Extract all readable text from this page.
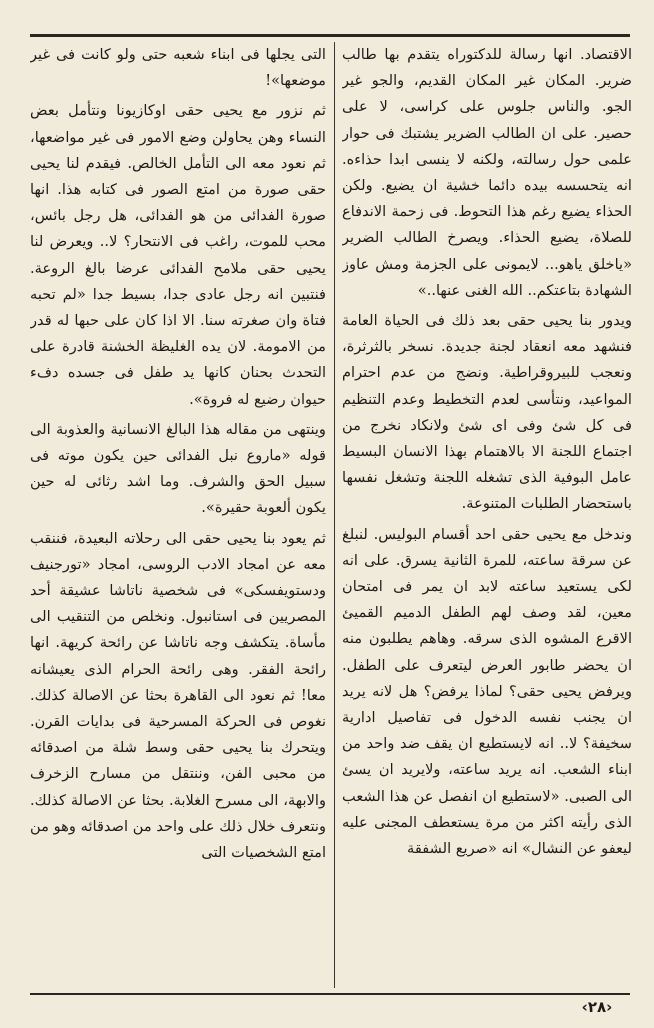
الاقتصاد. انها رسالة للدكتوراه يتقدم بها طالب ضرير. المكان غير المكان القديم، والجو غير الجو. والناس جلوس على كراسى، لا على حصير. على ان الطالب الضرير يشتبك فى حوار علمى حول رسالته، ولكنه لا ينسى ابدا حذاءه. انه يتحسسه بيده دائما خشية ان يضيع. ولكن الحذاء يضيع رغم هذا التحوط. فى زحمة الاندفاع للصلاة، يضيع الحذاء. ويصرخ الطالب الضرير «ياخلق ياهو... لايمونى على الجزمة ومش عاوز الشهادة بتاعتكم.. الله الغنى عنها..»

ويدور بنا يحيى حقى بعد ذلك فى الحياة العامة فنشهد معه انعقاد لجنة جديدة. نسخر بالثرثرة، ونعجب للبيروقراطية. ونضج من عدم احترام المواعيد، ونتأسى لعدم التخطيط وعدم التنظيم فى كل شئ وفى اى شئ ولانكاد نخرج من اجتماع اللجنة الا بالاهتمام بهذا الانسان البسيط عامل البوفية الذى تشغله اللجنة وتشغل نفسها باستحضار الطلبات المتنوعة.

وندخل مع يحيى حقى احد أقسام البوليس. لنبلغ عن سرقة ساعته، للمرة الثانية يسرق. على انه لكى يستعيد ساعته لابد ان يمر فى امتحان معين، لقد وصف لهم الطفل الدميم القميئ الاقرع المشوه الذى سرقه. وهاهم يطلبون منه ان يحضر طابور العرض ليتعرف على الطفل. ويرفض يحيى حقى؟ لماذا يرفض؟ هل لانه يريد ان يجنب نفسه الدخول فى تفاصيل ادارية سخيفة؟ لا.. انه لايستطيع ان يقف ضد واحد من ابناء الشعب. انه يريد ساعته، ولايريد ان يسئ الى الصبى. «لاستطيع ان انفصل عن هذا الشعب الذى رأيته اكثر من مرة يستعطف المجنى عليه ليعفو عن النشال» انه «صريع الشفقة

التى يجلها فى ابناء شعبه حتى ولو كانت فى غير موضعها»!

ثم نزور مع يحيى حقى اوكازيونا ونتأمل بعض النساء وهن يحاولن وضع الامور فى غير مواضعها، ثم نعود معه الى التأمل الخالص. فيقدم لنا يحيى حقى صورة من امتع الصور فى كتابه هذا. انها صورة الفدائى من هو الفدائى، هل رجل بائس، محب للموت، راغب فى الانتحار؟ لا.. ويعرض لنا يحيى حقى ملامح الفدائى عرضا بالغ الروعة. فنتبين انه رجل عادى جدا، بسيط جدا «لم تحبه فتاة وان صغرته سنا. الا اذا كان على حبها له قدر من الامومة. لان يده الغليظة الخشنة قادرة على التحدث بحنان كانها يد طفل فى جسده دفء حيوان رضيع له فروة».

وينتهى من مقاله هذا البالغ الانسانية والعذوبة الى قوله «ماروع نبل الفدائى حين يكون موته فى سبيل الحق والشرف. وما اشد رثائى له حين يكون ألعوبة حقيرة».

ثم يعود بنا يحيى حقى الى رحلاته البعيدة، فننقب معه عن امجاد الادب الروسى، امجاد «تورجنيف ودستويفسكى» فى شخصية ناتاشا عشيقة أحد المصريين فى استانبول. ونخلص من التنقيب الى مأساة. يتكشف وجه ناتاشا عن رائحة كريهة. انها رائحة الفقر. وهى رائحة الحرام الذى يعيشانه معا! ثم نعود الى القاهرة بحثا عن الاصالة كذلك. نغوص فى الحركة المسرحية فى بدايات القرن. ويتحرك بنا يحيى حقى وسط شلة من اصدقائه من محبى الفن، وننتقل من مسارح الزخرف والابهة، الى مسرح الغلابة. بحثا عن الاصالة كذلك. ونتعرف خلال ذلك على واحد من اصدقائه وهو من امتع الشخصيات التى

‹٢٨›
